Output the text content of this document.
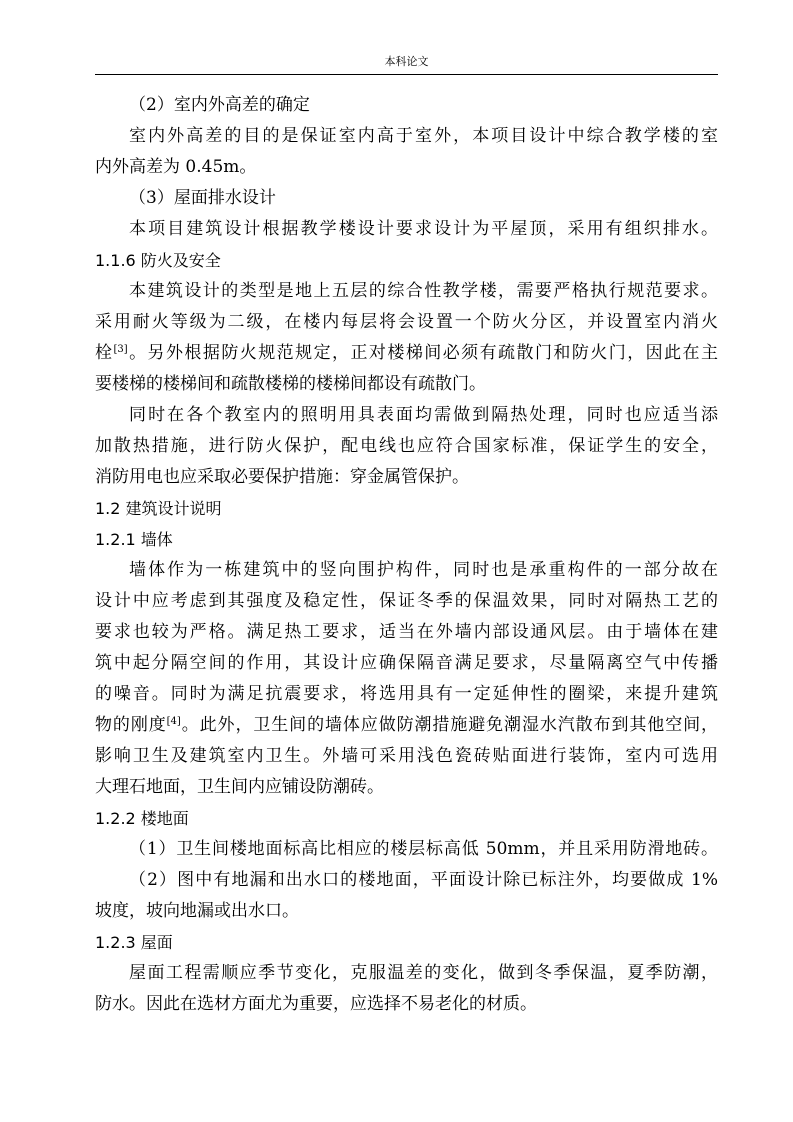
本科论文
（2）室内外高差的确定
室内外高差的目的是保证室内高于室外，本项目设计中综合教学楼的室
内外高差为 0.45m。
（3）屋面排水设计
本项目建筑设计根据教学楼设计要求设计为平屋顶，采用有组织排水。
1.1.6 防火及安全
本建筑设计的类型是地上五层的综合性教学楼，需要严格执行规范要求。
采用耐火等级为二级，在楼内每层将会设置一个防火分区，并设置室内消火
栓[3]。另外根据防火规范规定，正对楼梯间必须有疏散门和防火门，因此在主
要楼梯的楼梯间和疏散楼梯的楼梯间都设有疏散门。
同时在各个教室内的照明用具表面均需做到隔热处理，同时也应适当添
加散热措施，进行防火保护，配电线也应符合国家标准，保证学生的安全，
消防用电也应采取必要保护措施：穿金属管保护。
1.2 建筑设计说明
1.2.1 墙体
墙体作为一栋建筑中的竖向围护构件，同时也是承重构件的一部分故在
设计中应考虑到其强度及稳定性，保证冬季的保温效果，同时对隔热工艺的
要求也较为严格。满足热工要求，适当在外墙内部设通风层。由于墙体在建
筑中起分隔空间的作用，其设计应确保隔音满足要求，尽量隔离空气中传播
的噪音。同时为满足抗震要求，将选用具有一定延伸性的圈梁，来提升建筑
物的刚度[4]。此外，卫生间的墙体应做防潮措施避免潮湿水汽散布到其他空间，
影响卫生及建筑室内卫生。外墙可采用浅色瓷砖贴面进行装饰，室内可选用
大理石地面，卫生间内应铺设防潮砖。
1.2.2 楼地面
（1）卫生间楼地面标高比相应的楼层标高低 50mm，并且采用防滑地砖。
（2）图中有地漏和出水口的楼地面，平面设计除已标注外，均要做成 1%
坡度，坡向地漏或出水口。
1.2.3 屋面
屋面工程需顺应季节变化，克服温差的变化，做到冬季保温，夏季防潮，
防水。因此在选材方面尤为重要，应选择不易老化的材质。
